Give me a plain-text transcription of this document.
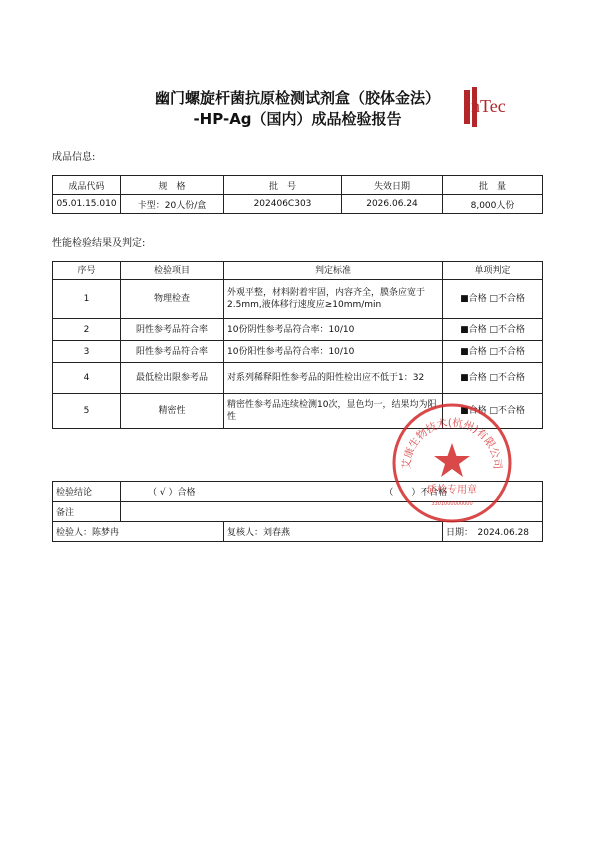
幽门螺旋杆菌抗原检测试剂盒（胶体金法）
-HP-Ag（国内）成品检验报告
nTec
成品信息:
成品代码	规　格	批　号	失效日期	批　量
05.01.15.010	卡型：20人份/盒	202406C303	2026.06.24	8,000人份
性能检验结果及判定:
序号	检验项目	判定标准	单项判定
1	物理检查	外观平整，材料附着牢固，内容齐全，膜条应宽于2.5mm,液体移行速度应≥10mm/min	■合格 □不合格
2	阴性参考品符合率	10份阴性参考品符合率：10/10	■合格 □不合格
3	阳性参考品符合率	10份阳性参考品符合率：10/10	■合格 □不合格
4	最低检出限参考品	对系列稀释阳性参考品的阳性检出应不低于1：32	■合格 □不合格
5	精密性	精密性参考品连续检测10次，显色均一，结果均为阳性	■合格 □不合格
检验结论	（ √ ）合格 （　　）不合格		
备注			
检验人：陈梦冉		复核人：刘春燕	日期：　2024.06.28
艾康生物技术(杭州)有限公司
质检专用章
3301000000000
